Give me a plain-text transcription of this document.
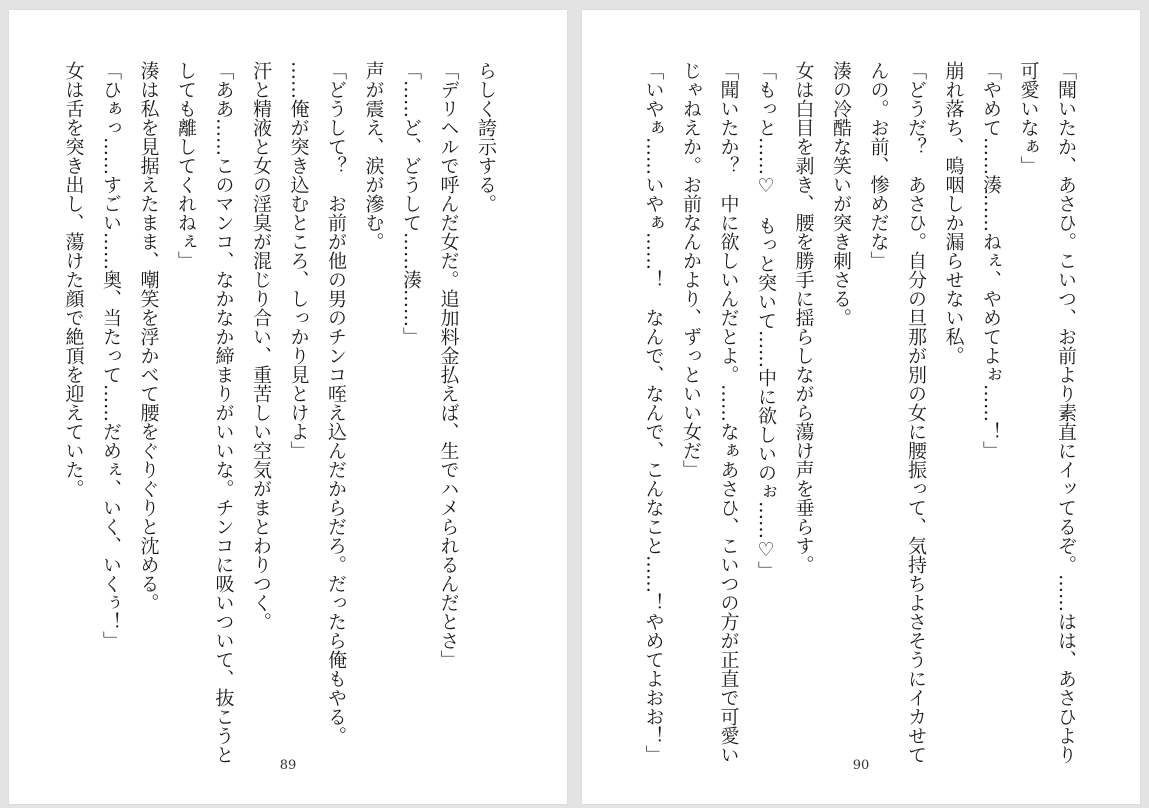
らしく誇示する。
「デリヘルで呼んだ女だ。追加料金払えば、生でハメられるんだとさ」
「……ど、どうして……湊……」
声が震え、涙が滲む。
「どうして？　お前が他の男のチンコ咥え込んだからだろ。だったら俺もやる。
……俺が突き込むところ、しっかり見とけよ」
汗と精液と女の淫臭が混じり合い、重苦しい空気がまとわりつく。
「ああ……このマンコ、なかなか締まりがいいな。チンコに吸いついて、抜こうと
しても離してくれねぇ」
湊は私を見据えたまま、嘲笑を浮かべて腰をぐりぐりと沈める。
「ひぁっ……すごい……奥、当たって……だめぇ、いく、いくぅ！」
女は舌を突き出し、蕩けた顔で絶頂を迎えていた。
89
「聞いたか、あさひ。こいつ、お前より素直にイッてるぞ。……はは、あさひより
可愛いなぁ」
「やめて……湊……ねぇ、やめてよぉ……！」
崩れ落ち、嗚咽しか漏らせない私。
「どうだ？　あさひ。自分の旦那が別の女に腰振って、気持ちよさそうにイカせて
んの。お前、惨めだな」
湊の冷酷な笑いが突き刺さる。
女は白目を剥き、腰を勝手に揺らしながら蕩け声を垂らす。
「もっと……♡　もっと突いて……中に欲しいのぉ……♡」
「聞いたか？　中に欲しいんだとよ。……なぁあさひ、こいつの方が正直で可愛い
じゃねえか。お前なんかより、ずっといい女だ」
「いやぁ……いやぁ……！　なんで、なんで、こんなこと……！やめてよおお！」
90
